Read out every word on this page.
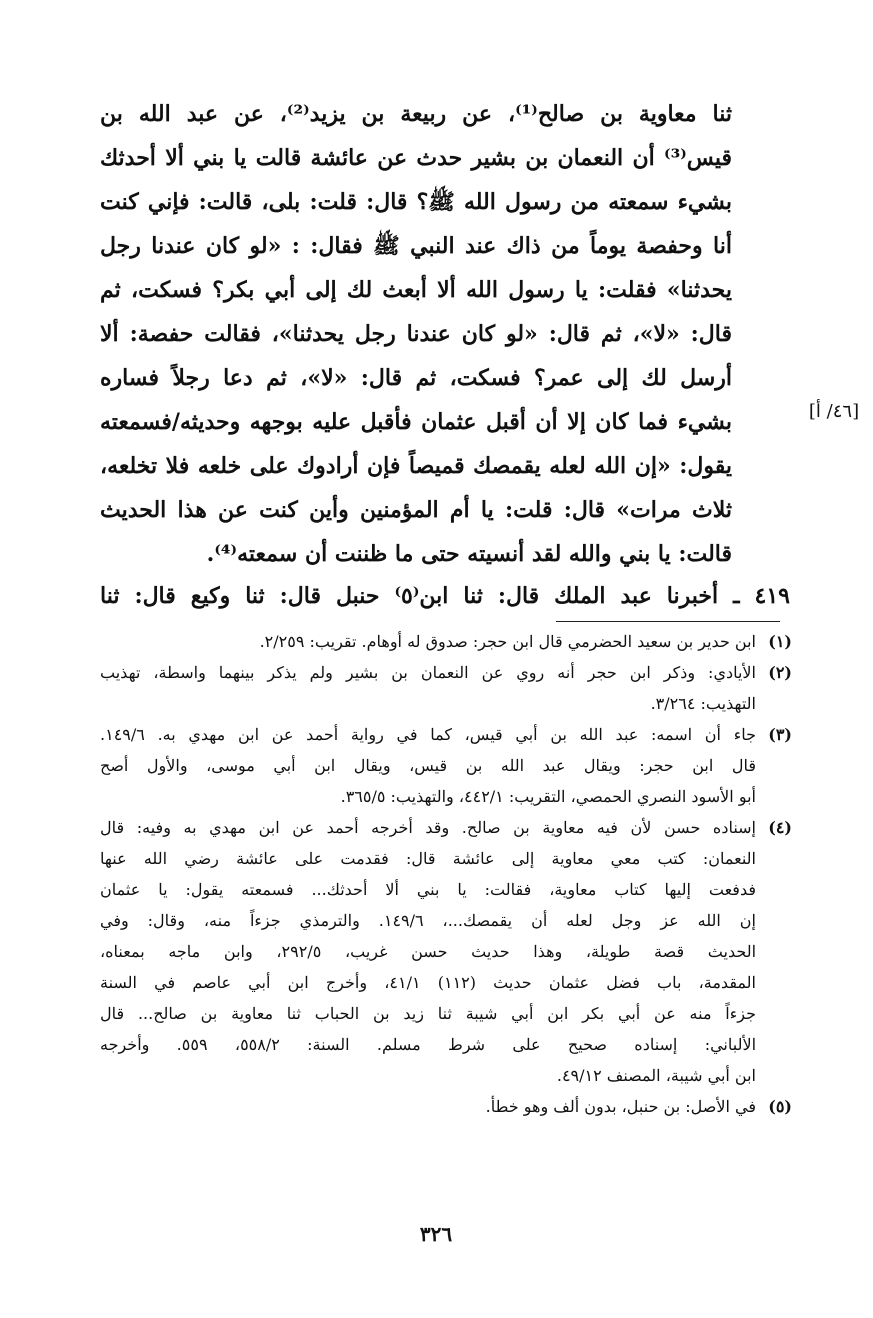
ثنا معاوية بن صالح⁽¹⁾، عن ربيعة بن يزيد⁽²⁾، عن عبد الله بن
قيس⁽³⁾ أن النعمان بن بشير حدث عن عائشة قالت يا بني ألا أحدثك
بشيء سمعته من رسول الله ﷺ؟ قال: قلت: بلى، قالت: فإني كنت
أنا وحفصة يوماً من ذاك عند النبي ﷺ فقال: : «لو كان عندنا رجل
يحدثنا» فقلت: يا رسول الله ألا أبعث لك إلى أبي بكر؟ فسكت، ثم
قال: «لا»، ثم قال: «لو كان عندنا رجل يحدثنا»، فقالت حفصة: ألا
أرسل لك إلى عمر؟ فسكت، ثم قال: «لا»، ثم دعا رجلاً فساره
بشيء فما كان إلا أن أقبل عثمان فأقبل عليه بوجهه وحديثه/فسمعته
يقول: «إن الله لعله يقمصك قميصاً فإن أرادوك على خلعه فلا تخلعه،
ثلاث مرات» قال: قلت: يا أم المؤمنين وأين كنت عن هذا الحديث
قالت: يا بني والله لقد أنسيته حتى ما ظننت أن سمعته⁽⁴⁾.
[٤٦/ أ]
٤١٩ ـ أخبرنا عبد الملك قال: ثنا ابن⁽٥⁾ حنبل قال: ثنا وكيع قال: ثنا
(١)
ابن حدير بن سعيد الحضرمي قال ابن حجر: صدوق له أوهام. تقريب: ٢/٢٥٩.
(٢)
الأيادي: وذكر ابن حجر أنه روي عن النعمان بن بشير ولم يذكر بينهما واسطة، تهذيب
التهذيب: ٣/٢٦٤.
(٣)
جاء أن اسمه: عبد الله بن أبي قيس، كما في رواية أحمد عن ابن مهدي به. ١٤٩/٦.
قال ابن حجر: ويقال عبد الله بن قيس، ويقال ابن أبي موسى، والأول أصح
أبو الأسود النصري الحمصي، التقريب: ٤٤٢/١، والتهذيب: ٣٦٥/٥.
(٤)
إسناده حسن لأن فيه معاوية بن صالح. وقد أخرجه أحمد عن ابن مهدي به وفيه: قال
النعمان: كتب معي معاوية إلى عائشة قال: فقدمت على عائشة رضي الله عنها
فدفعت إليها كتاب معاوية، فقالت: يا بني ألا أحدثك... فسمعته يقول: يا عثمان
إن الله عز وجل لعله أن يقمصك...، ١٤٩/٦. والترمذي جزءاً منه، وقال: وفي
الحديث قصة طويلة، وهذا حديث حسن غريب، ٢٩٢/٥، وابن ماجه بمعناه،
المقدمة، باب فضل عثمان حديث (١١٢) ٤١/١، وأخرج ابن أبي عاصم في السنة
جزءاً منه عن أبي بكر ابن أبي شيبة ثنا زيد بن الحباب ثنا معاوية بن صالح... قال
الألباني: إسناده صحيح على شرط مسلم. السنة: ٥٥٨/٢، ٥٥٩. وأخرجه
ابن أبي شيبة، المصنف ٤٩/١٢.
(٥)
في الأصل: بن حنبل، بدون ألف وهو خطأ.
٣٢٦
